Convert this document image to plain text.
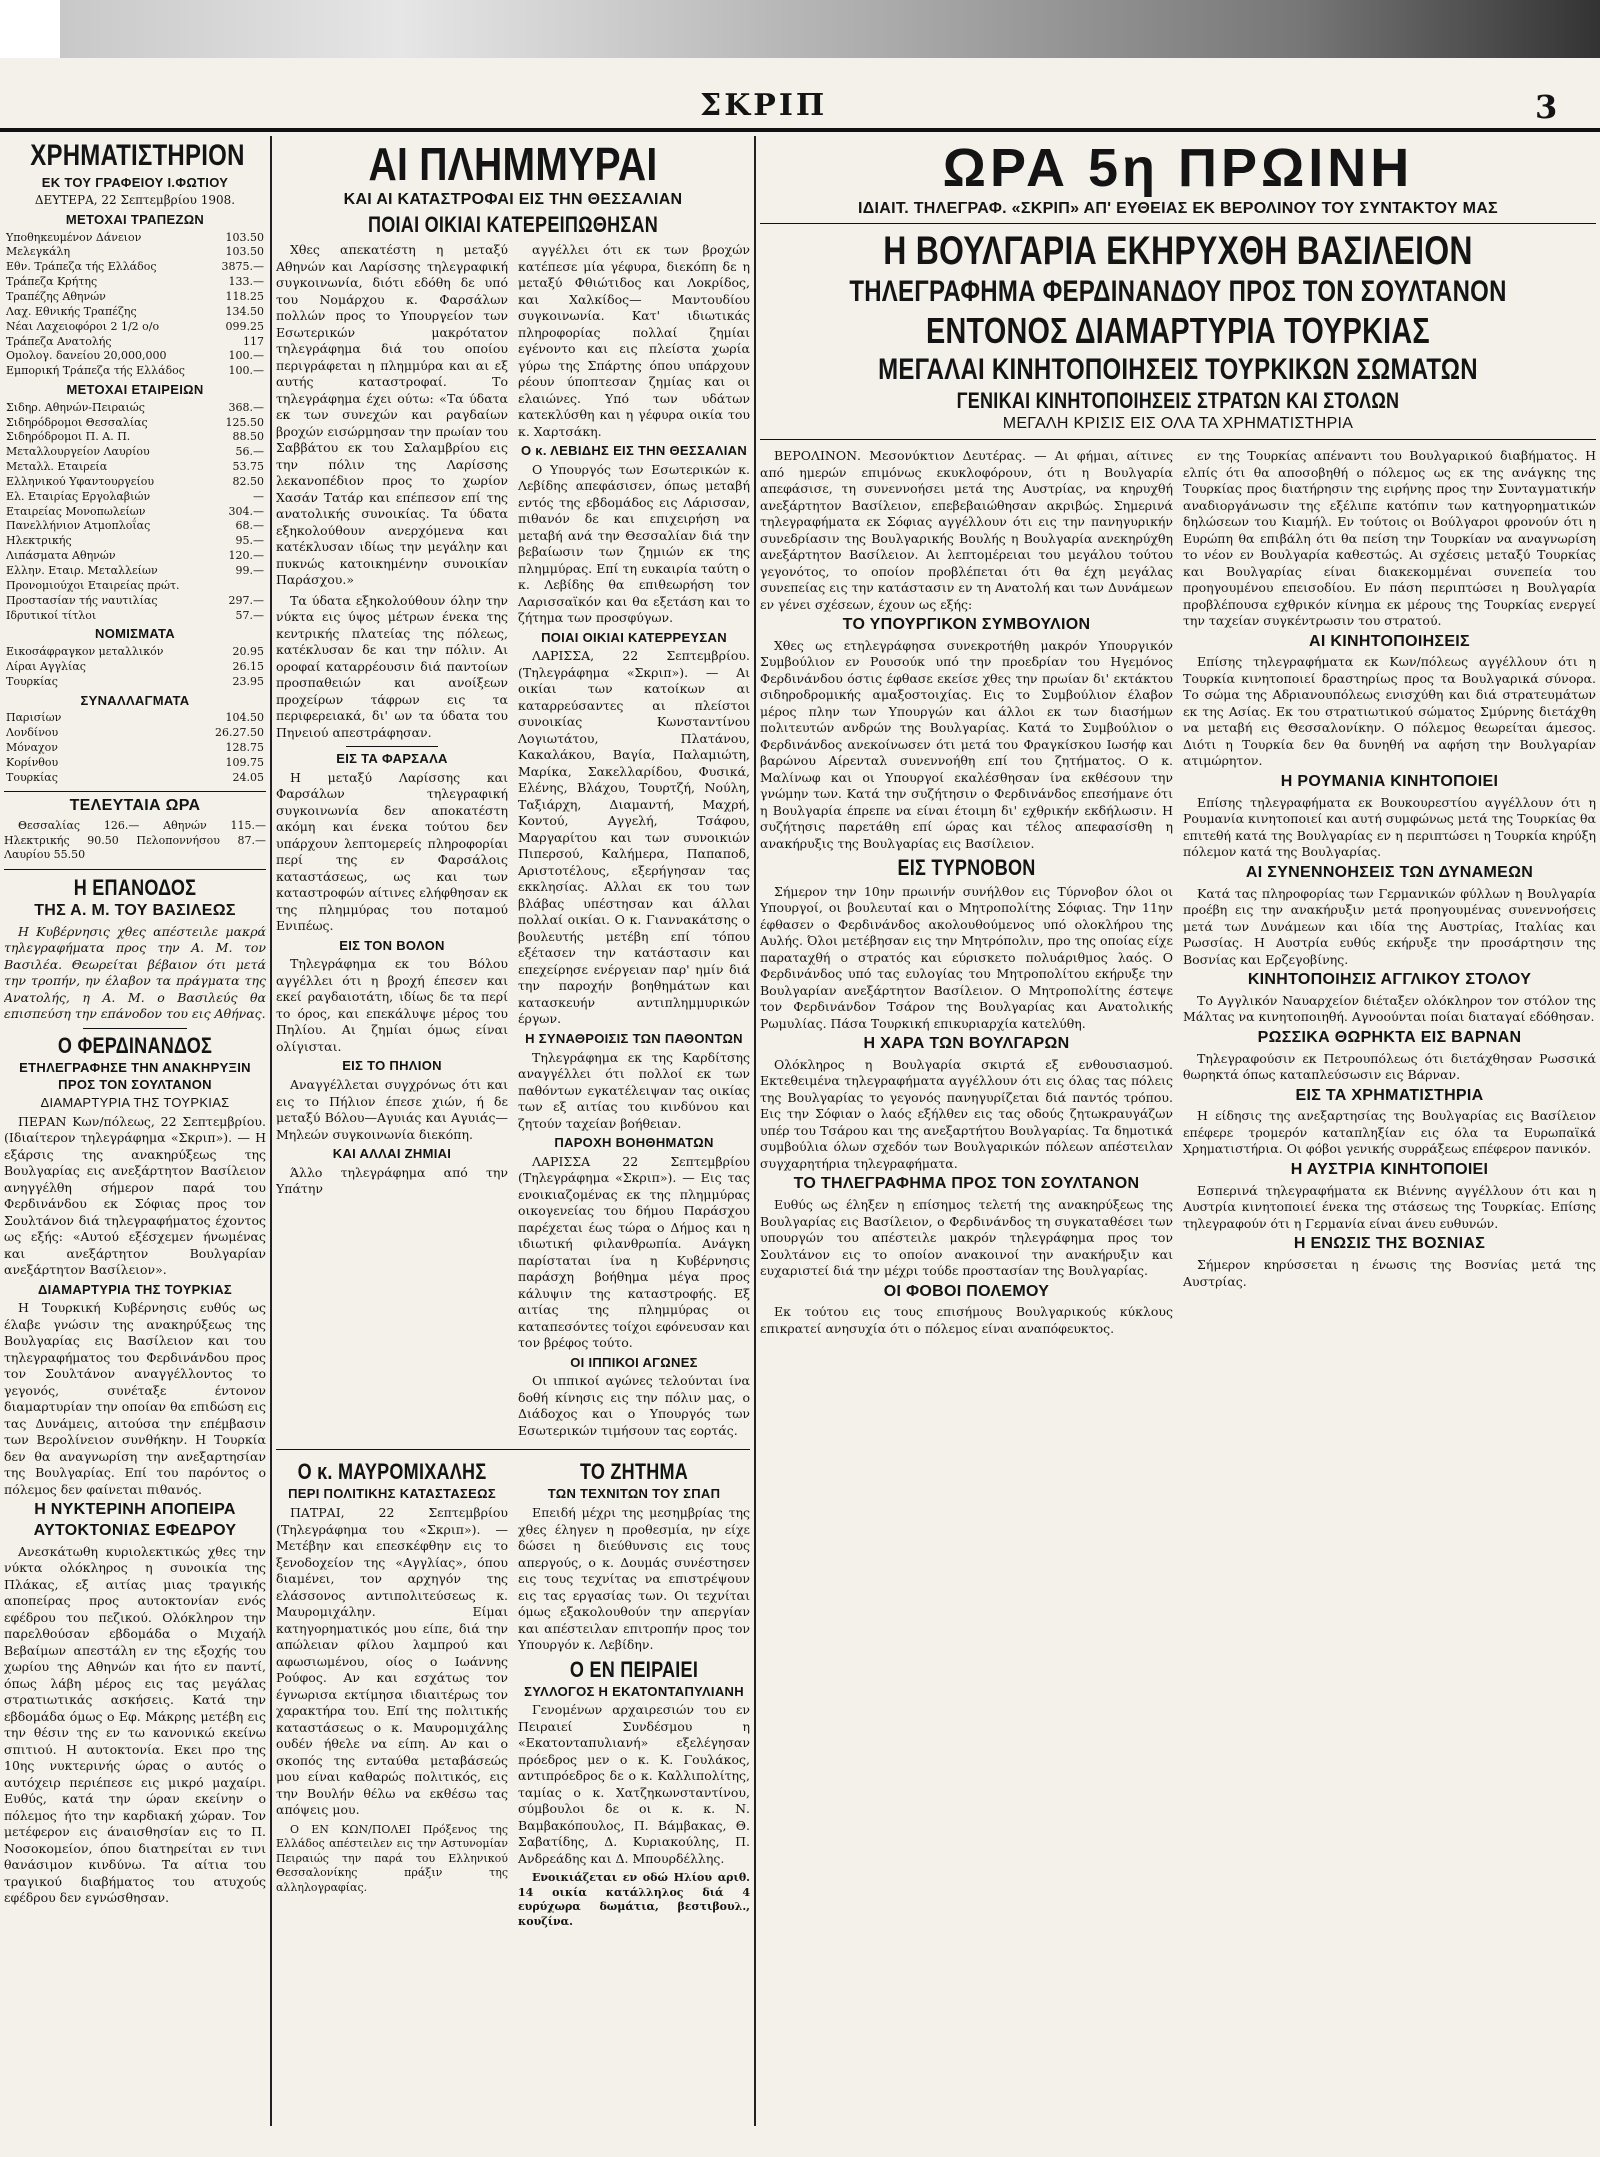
ΣΚΡΙΠ	3
ΧΡΗΜΑΤΙΣΤΗΡΙΟΝ
ΕΚ ΤΟΥ ΓΡΑΦΕΙΟΥ Ι.ΦΩΤΙΟΥ
ΔΕΥΤΕΡΑ, 22 Σεπτεμβρίου 1908.
ΜΕΤΟΧΑΙ ΤΡΑΠΕΖΩΝ
Υποθηκευμένον Δάνειον	103.50
Μελεγκάλη	103.50
Εθν. Τράπεζα τής Ελλάδος	3875.—
Τράπεζα Κρήτης	133.—
Τραπέζης Αθηνών	118.25
Λαχ. Εθνικής Τραπέζης	134.50
Νέαι Λαχειοφόροι 2 1/2 ο/ο	099.25
Τράπεζα Ανατολής	117
Ομολογ. δανείου 20,000,000	100.—
Εμπορική Τράπεζα τής Ελλάδος	100.—
ΜΕΤΟΧΑΙ ΕΤΑΙΡΕΙΩΝ
Σιδηρ. Αθηνών-Πειραιώς	368.—
Σιδηρόδρομοι Θεσσαλίας	125.50
Σιδηρόδρομοι Π. Α. Π.	88.50
Μεταλλουργείον Λαυρίου	56.—
Μεταλλ. Εταιρεία	53.75
Ελληνικού Υφαντουργείου	82.50
Ελ. Εταιρίας Εργολαβιών	—
Εταιρείας Μονοπωλείων	304.—
Πανελλήνιον Ατμοπλοΐας	68.—
Ηλεκτρικής	95.—
Λιπάσματα Αθηνών	120.—
Ελλην. Εταιρ. Μεταλλείων	99.—
Προνομιούχοι Εταιρείας πρώτ.	
Προστασίαν τής ναυτιλίας	297.—
Ιδρυτικοί τίτλοι	57.—
ΝΟΜΙΣΜΑΤΑ
Εικοσάφραγκον μεταλλικόν	20.95
Λίραι Αγγλίας	26.15
Τουρκίας	23.95
ΣΥΝΑΛΛΑΓΜΑΤΑ
Παρισίων	104.50
Λονδίνου	26.27.50
Μόναχον	128.75
Κορίνθου	109.75
Τουρκίας	24.05
ΤΕΛΕΥΤΑΙΑ ΩΡΑ

Θεσσαλίας 126.— Αθηνών 115.— Ηλεκτρικής 90.50 Πελοποννήσου 87.— Λαυρίου 55.50

Η ΕΠΑΝΟΔΟΣ
ΤΗΣ Α. Μ. ΤΟΥ ΒΑΣΙΛΕΩΣ

Η Κυβέρνησις χθες απέστειλε μακρά τηλεγραφήματα προς την Α. Μ. τον Βασιλέα. Θεωρείται βέβαιον ότι μετά την τροπήν, ην έλαβον τα πράγματα της Ανατολής, η Α. Μ. ο Βασιλεύς θα επισπεύση την επάνοδον του εις Αθήνας.

Ο ΦΕΡΔΙΝΑΝΔΟΣ
ΕΤΗΛΕΓΡΑΦΗΣΕ ΤΗΝ ΑΝΑΚΗΡΥΞΙΝ
ΠΡΟΣ ΤΟΝ ΣΟΥΛΤΑΝΟΝ
ΔΙΑΜΑΡΤΥΡΙΑ ΤΗΣ ΤΟΥΡΚΙΑΣ

ΠΕΡΑΝ Κων/πόλεως, 22 Σεπτεμβρίου. (Ιδιαίτερον τηλεγράφημα «Σκριπ»). — Η εξάρσις της ανακηρύξεως της Βουλγαρίας εις ανεξάρτητον Βασίλειον ανηγγέλθη σήμερον παρά του Φερδινάνδου εκ Σόφιας προς τον Σουλτάνον διά τηλεγραφήματος έχοντος ως εξής: «Αυτού εξέσχεμεν ήνωμένας και ανεξάρτητον Βουλγαρίαν ανεξάρτητον Βασίλειον».

ΔΙΑΜΑΡΤΥΡΙΑ ΤΗΣ ΤΟΥΡΚΙΑΣ

Η Τουρκική Κυβέρνησις ευθύς ως έλαβε γνώσιν της ανακηρύξεως της Βουλγαρίας εις Βασίλειον και του τηλεγραφήματος του Φερδινάνδου προς τον Σουλτάνον αναγγέλλοντος το γεγονός, συνέταξε έντονον διαμαρτυρίαν την οποίαν θα επιδώση εις τας Δυνάμεις, αιτούσα την επέμβασιν των Βερολίνειον συνθήκην. Η Τουρκία δεν θα αναγνωρίση την ανεξαρτησίαν της Βουλγαρίας. Επί του παρόντος ο πόλεμος δεν φαίνεται πιθανός.

Η ΝΥΚΤΕΡΙΝΗ ΑΠΟΠΕΙΡΑ
ΑΥΤΟΚΤΟΝΙΑΣ ΕΦΕΔΡΟΥ

Ανεσκάτωθη κυριολεκτικώς χθες την νύκτα ολόκληρος η συνοικία της Πλάκας, εξ αιτίας μιας τραγικής αποπείρας προς αυτοκτονίαν ενός εφέδρου του πεζικού. Ολόκληρον την παρελθούσαν εβδομάδα ο Μιχαήλ Βεβαίμων απεστάλη εν της εξοχής του χωρίου της Αθηνών και ήτο εν παντί, όπως λάβη μέρος εις τας μεγάλας στρατιωτικάς ασκήσεις. Κατά την εβδομάδα όμως ο Εφ. Μάκρης μετέβη εις την θέσιν της εν τω κανονικώ εκείνω σπιτιού. Η αυτοκτονία. Εκει προ της 10ης νυκτερινής ώρας ο αυτός ο αυτόχειρ περιέπεσε εις μικρό μαχαίρι. Ευθύς, κατά την ώραν εκείνην ο πόλεμος ήτο την καρδιακή χώραν. Τον μετέφερον εις άναισθησίαν εις το Π. Νοσοκομείον, όπου διατηρείται εν τινι θανάσιμον κινδύνω. Τα αίτια του τραγικού διαβήματος του ατυχούς εφέδρου δεν εγνώσθησαν.

ΑΙ ΠΛΗΜΜΥΡΑΙ
ΚΑΙ ΑΙ ΚΑΤΑΣΤΡΟΦΑΙ ΕΙΣ ΤΗΝ ΘΕΣΣΑΛΙΑΝ
ΠΟΙΑΙ ΟΙΚΙΑΙ ΚΑΤΕΡΕΙΠΩΘΗΣΑΝ

Χθες απεκατέστη η μεταξύ Αθηνών και Λαρίσσης τηλεγραφική συγκοινωνία, διότι εδόθη δε υπό του Νομάρχου κ. Φαρσάλων πολλών προς το Υπουργείον των Εσωτερικών μακρότατον τηλεγράφημα διά του οποίου περιγράφεται η πλημμύρα και αι εξ αυτής καταστροφαί. Το τηλεγράφημα έχει ούτω: «Τα ύδατα εκ των συνεχών και ραγδαίων βροχών εισώρμησαν την πρωίαν του Σαββάτου εκ του Σαλαμβρίου εις την πόλιν της Λαρίσσης λεκανοπέδιον προς το χωρίον Χασάν Τατάρ και επέπεσον επί της ανατολικής συνοικίας. Τα ύδατα εξηκολούθουν ανερχόμενα και κατέκλυσαν ιδίως την μεγάλην και πυκνώς κατοικημένην συνοικίαν Παράσχου.»

Τα ύδατα εξηκολούθουν όλην την νύκτα εις ύψος μέτρων ένεκα της κεντρικής πλατείας της πόλεως, κατέκλυσαν δε και την πόλιν. Αι οροφαί καταρρέουσιν διά παντοίων προσπαθειών και ανοίξεων προχείρων τάφρων εις τα περιφερειακά, δι' ων τα ύδατα του Πηνειού απεστράφησαν.

ΕΙΣ ΤΑ ΦΑΡΣΑΛΑ

Η μεταξύ Λαρίσσης και Φαρσάλων τηλεγραφική συγκοινωνία δεν αποκατέστη ακόμη και ένεκα τούτου δεν υπάρχουν λεπτομερείς πληροφορίαι περί της εν Φαρσάλοις καταστάσεως, ως και των καταστροφών αίτινες ελήφθησαν εκ της πλημμύρας του ποταμού Ενιπέως.

ΕΙΣ ΤΟΝ ΒΟΛΟΝ

Τηλεγράφημα εκ του Βόλου αγγέλλει ότι η βροχή έπεσεν και εκεί ραγδαιοτάτη, ιδίως δε τα περί το όρος, και επεκάλυψε μέρος του Πηλίου. Αι ζημίαι όμως είναι ολίγισται.

ΕΙΣ ΤΟ ΠΗΛΙΟΝ

Αναγγέλλεται συγχρόνως ότι και εις το Πήλιον έπεσε χιών, ή δε μεταξύ Βόλου—Αγυιάς και Αγυιάς—Μηλεών συγκοινωνία διεκόπη.

ΚΑΙ ΑΛΛΑΙ ΖΗΜΙΑΙ

Άλλο τηλεγράφημα από την Υπάτην

αγγέλλει ότι εκ των βροχών κατέπεσε μία γέφυρα, διεκόπη δε η μεταξύ Φθιώτιδος και Λοκρίδος, και Χαλκίδος— Μαντουδίου συγκοινωνία. Κατ' ιδιωτικάς πληροφορίας πολλαί ζημίαι εγένοντο και εις πλείστα χωρία γύρω της Σπάρτης όπου υπάρχουν ρέουν ύποπτεσαν ζημίας και οι ελαιώνες. Υπό των υδάτων κατεκλύσθη και η γέφυρα οικία του κ. Χαρτσάκη.

Ο κ. ΛΕΒΙΔΗΣ ΕΙΣ ΤΗΝ ΘΕΣΣΑΛΙΑΝ

Ο Υπουργός των Εσωτερικών κ. Λεβίδης απεφάσισεν, όπως μεταβή εντός της εβδομάδος εις Λάρισσαν, πιθανόν δε και επιχειρήση να μεταβή ανά την Θεσσαλίαν διά την βεβαίωσιν των ζημιών εκ της πλημμύρας. Επί τη ευκαιρία ταύτη ο κ. Λεβίδης θα επιθεωρήση τον Λαρισσαϊκόν και θα εξετάση και το ζήτημα των προσφύγων.

ΠΟΙΑΙ ΟΙΚΙΑΙ ΚΑΤΕΡΡΕΥΣΑΝ

ΛΑΡΙΣΣΑ, 22 Σεπτεμβρίου. (Τηλεγράφημα «Σκριπ»). — Αι οικίαι των κατοίκων αι καταρρεύσαντες αι πλείστοι συνοικίας Κωνσταντίνου Λογιωτάτου, Πλατάνου, Κακαλάκου, Βαγία, Παλαμιώτη, Μαρίκα, Σακελλαρίδου, Φυσικά, Ελένης, Βλάχου, Τουρτζή, Νούλη, Ταξιάρχη, Διαμαντή, Μαχρή, Κοντού, Αγγελή, Τσάφου, Μαργαρίτου και των συνοικιών Πιπερσού, Καλήμερα, Παπαποδ, Αριστοτέλους, εξερήγησαν τας εκκλησίας. Αλλαι εκ του των βλάβας υπέστησαν και άλλαι πολλαί οικίαι. Ο κ. Γιαννακάτσης ο βουλευτής μετέβη επί τόπου εξέτασεν την κατάστασιν και επεχείρησε ενέργειαν παρ' ημίν διά την παροχήν βοηθημάτων και κατασκευήν αντιπλημμυρικών έργων.

Η ΣΥΝΑΘΡΟΙΣΙΣ ΤΩΝ ΠΑΘΟΝΤΩΝ

Τηλεγράφημα εκ της Καρδίτσης αναγγέλλει ότι πολλοί εκ των παθόντων εγκατέλειψαν τας οικίας των εξ αιτίας του κινδύνου και ζητούν ταχείαν βοήθειαν.

ΠΑΡΟΧΗ ΒΟΗΘΗΜΑΤΩΝ

ΛΑΡΙΣΣΑ 22 Σεπτεμβρίου (Τηλεγράφημα «Σκριπ»). — Εις τας ενοικιαζομένας εκ της πλημμύρας οικογενείας του δήμου Παράσχου παρέχεται έως τώρα ο Δήμος και η ιδιωτική φιλανθρωπία. Ανάγκη παρίσταται ίνα η Κυβέρνησις παράσχη βοήθημα μέγα προς κάλυψιν της καταστροφής. Εξ αιτίας της πλημμύρας οι καταπεσόντες τοίχοι εφόνευσαν και τον βρέφος τούτο.

ΟΙ ΙΠΠΙΚΟΙ ΑΓΩΝΕΣ

Οι ιππικοί αγώνες τελούνται ίνα δοθή κίνησις εις την πόλιν μας, ο Διάδοχος και ο Υπουργός των Εσωτερικών τιμήσουν τας εορτάς.

Ο κ. ΜΑΥΡΟΜΙΧΑΛΗΣ
ΠΕΡΙ ΠΟΛΙΤΙΚΗΣ ΚΑΤΑΣΤΑΣΕΩΣ

ΠΑΤΡΑΙ, 22 Σεπτεμβρίου (Τηλεγράφημα του «Σκριπ»). — Μετέβην και επεσκέφθην εις το ξενοδοχείον της «Αγγλίας», όπου διαμένει, τον αρχηγόν της ελάσσονος αντιπολιτεύσεως κ. Μαυρομιχάλην. Είμαι κατηγορηματικός μου είπε, διά την απώλειαν φίλου λαμπρού και αφωσιωμένου, οίος ο Ιωάννης Ρούφος. Αν και εσχάτως τον έγνωρισα εκτίμησα ιδιαιτέρως τον χαρακτήρα του. Επί της πολιτικής καταστάσεως ο κ. Μαυρομιχάλης ουδέν ήθελε να είπη. Αν και ο σκοπός της ενταύθα μεταβάσεώς μου είναι καθαρώς πολιτικός, εις την Βουλήν θέλω να εκθέσω τας απόψεις μου.

Ο ΕΝ ΚΩΝ/ΠΟΛΕΙ Πρόξενος της Ελλάδος απέστειλεν εις την Αστυνομίαν Πειραιώς την παρά του Ελληνικού Θεσσαλονίκης πράξιν της αλληλογραφίας.

ΤΟ ΖΗΤΗΜΑ
ΤΩΝ ΤΕΧΝΙΤΩΝ ΤΟΥ ΣΠΑΠ

Επειδή μέχρι της μεσημβρίας της χθες έληγεν η προθεσμία, ην είχε δώσει η διεύθυνσις εις τους απεργούς, ο κ. Δουμάς συνέστησεν εις τους τεχνίτας να επιστρέψουν εις τας εργασίας των. Οι τεχνίται όμως εξακολουθούν την απεργίαν και απέστειλαν επιτροπήν προς τον Υπουργόν κ. Λεβίδην.

Ο ΕΝ ΠΕΙΡΑΙΕΙ
ΣΥΛΛΟΓΟΣ Η ΕΚΑΤΟΝΤΑΠΥΛΙΑΝΗ

Γενομένων αρχαιρεσιών του εν Πειραιεί Συνδέσμου η «Εκατονταπυλιανή» εξελέγησαν πρόεδρος μεν ο κ. Κ. Γουλάκος, αντιπρόεδρος δε ο κ. Καλλιπολίτης, ταμίας ο κ. Χατζηκωνσταντίνου, σύμβουλοι δε οι κ. κ. Ν. Βαμβακόπουλος, Π. Βάμβακας, Θ. Σαβατίδης, Δ. Κυριακούλης, Π. Ανδρεάδης και Δ. Μπουρδέλλης.

Ενοικιάζεται εν οδώ Ηλίου αριθ. 14 οικία κατάλληλος διά 4 ευρύχωρα δωμάτια, βεστιβουλ., κουζίνα.

ΩΡΑ 5η ΠΡΩΙΝΗ
ΙΔΙΑΙΤ. ΤΗΛΕΓΡΑΦ. «ΣΚΡΙΠ» ΑΠ' ΕΥΘΕΙΑΣ ΕΚ ΒΕΡΟΛΙΝΟΥ ΤΟΥ ΣΥΝΤΑΚΤΟΥ ΜΑΣ
Η ΒΟΥΛΓΑΡΙΑ ΕΚΗΡΥΧΘΗ ΒΑΣΙΛΕΙΟΝ
ΤΗΛΕΓΡΑΦΗΜΑ ΦΕΡΔΙΝΑΝΔΟΥ ΠΡΟΣ ΤΟΝ ΣΟΥΛΤΑΝΟΝ
ΕΝΤΟΝΟΣ ΔΙΑΜΑΡΤΥΡΙΑ ΤΟΥΡΚΙΑΣ
ΜΕΓΑΛΑΙ ΚΙΝΗΤΟΠΟΙΗΣΕΙΣ ΤΟΥΡΚΙΚΩΝ ΣΩΜΑΤΩΝ
ΓΕΝΙΚΑΙ ΚΙΝΗΤΟΠΟΙΗΣΕΙΣ ΣΤΡΑΤΩΝ ΚΑΙ ΣΤΟΛΩΝ
ΜΕΓΑΛΗ ΚΡΙΣΙΣ ΕΙΣ ΟΛΑ ΤΑ ΧΡΗΜΑΤΙΣΤΗΡΙΑ

ΒΕΡΟΛΙΝΟΝ. Μεσονύκτιον Δευτέρας. — Αι φήμαι, αίτινες από ημερών επιμόνως εκυκλοφόρουν, ότι η Βουλγαρία απεφάσισε, τη συνεννοήσει μετά της Αυστρίας, να κηρυχθή ανεξάρτητον Βασίλειον, επεβεβαιώθησαν ακριβώς. Σημερινά τηλεγραφήματα εκ Σόφιας αγγέλλουν ότι εις την πανηγυρικήν συνεδρίασιν της Βουλγαρικής Βουλής η Βουλγαρία ανεκηρύχθη ανεξάρτητον Βασίλειον. Αι λεπτομέρειαι του μεγάλου τούτου γεγονότος, το οποίον προβλέπεται ότι θα έχη μεγάλας συνεπείας εις την κατάστασιν εν τη Ανατολή και των Δυνάμεων εν γένει σχέσεων, έχουν ως εξής:

ΤΟ ΥΠΟΥΡΓΙΚΟΝ ΣΥΜΒΟΥΛΙΟΝ

Χθες ως ετηλεγράφησα συνεκροτήθη μακρόν Υπουργικόν Συμβούλιον εν Ρουσούκ υπό την προεδρίαν του Ηγεμόνος Φερδινάνδου όστις έφθασε εκείσε χθες την πρωίαν δι' εκτάκτου σιδηροδρομικής αμαξοστοιχίας. Εις το Συμβούλιον έλαβον μέρος πλην των Υπουργών και άλλοι εκ των διασήμων πολιτευτών ανδρών της Βουλγαρίας. Κατά το Συμβούλιον ο Φερδινάνδος ανεκοίνωσεν ότι μετά του Φραγκίσκου Ιωσήφ και βαρώνου Αίρενταλ συνεννοήθη επί του ζητήματος. Ο κ. Μαλίνωφ και οι Υπουργοί εκαλέσθησαν ίνα εκθέσουν την γνώμην των. Κατά την συζήτησιν ο Φερδινάνδος επεσήμανε ότι η Βουλγαρία έπρεπε να είναι έτοιμη δι' εχθρικήν εκδήλωσιν. Η συζήτησις παρετάθη επί ώρας και τέλος απεφασίσθη η ανακήρυξις της Βουλγαρίας εις Βασίλειον.

ΕΙΣ ΤΥΡΝΟΒΟΝ

Σήμερον την 10ην πρωινήν συνήλθον εις Τύρνοβον όλοι οι Υπουργοί, οι βουλευταί και ο Μητροπολίτης Σόφιας. Την 11ην έφθασεν ο Φερδινάνδος ακολουθούμενος υπό ολοκλήρου της Αυλής. Όλοι μετέβησαν εις την Μητρόπολιν, προ της οποίας είχε παραταχθή ο στρατός και εύρισκετο πολυάριθμος λαός. Ο Φερδινάνδος υπό τας ευλογίας του Μητροπολίτου εκήρυξε την Βουλγαρίαν ανεξάρτητον Βασίλειον. Ο Μητροπολίτης έστεψε τον Φερδινάνδον Τσάρον της Βουλγαρίας και Ανατολικής Ρωμυλίας. Πάσα Τουρκική επικυριαρχία κατελύθη.

Η ΧΑΡΑ ΤΩΝ ΒΟΥΛΓΑΡΩΝ

Ολόκληρος η Βουλγαρία σκιρτά εξ ενθουσιασμού. Εκτεθειμένα τηλεγραφήματα αγγέλλουν ότι εις όλας τας πόλεις της Βουλγαρίας το γεγονός πανηγυρίζεται διά παντός τρόπου. Εις την Σόφιαν ο λαός εξήλθεν εις τας οδούς ζητωκραυγάζων υπέρ του Τσάρου και της ανεξαρτήτου Βουλγαρίας. Τα δημοτικά συμβούλια όλων σχεδόν των Βουλγαρικών πόλεων απέστειλαν συγχαρητήρια τηλεγραφήματα.

ΤΟ ΤΗΛΕΓΡΑΦΗΜΑ ΠΡΟΣ ΤΟΝ ΣΟΥΛΤΑΝΟΝ

Ευθύς ως έληξεν η επίσημος τελετή της ανακηρύξεως της Βουλγαρίας εις Βασίλειον, ο Φερδινάνδος τη συγκαταθέσει των υπουργών του απέστειλε μακρόν τηλεγράφημα προς τον Σουλτάνον εις το οποίον ανακοινοί την ανακήρυξιν και ευχαριστεί διά την μέχρι τούδε προστασίαν της Βουλγαρίας.

ΟΙ ΦΟΒΟΙ ΠΟΛΕΜΟΥ

Εκ τούτου εις τους επισήμους Βουλγαρικούς κύκλους επικρατεί ανησυχία ότι ο πόλεμος είναι αναπόφευκτος.

εν της Τουρκίας απέναντι του Βουλγαρικού διαβήματος. Η ελπίς ότι θα αποσοβηθή ο πόλεμος ως εκ της ανάγκης της Τουρκίας προς διατήρησιν της ειρήνης προς την Συνταγματικήν αναδιοργάνωσιν της εξέλιπε κατόπιν των κατηγορηματικών δηλώσεων του Κιαμήλ. Εν τούτοις οι Βούλγαροι φρονούν ότι η Ευρώπη θα επιβάλη ότι θα πείση την Τουρκίαν να αναγνωρίση το νέον εν Βουλγαρία καθεστώς. Αι σχέσεις μεταξύ Τουρκίας και Βουλγαρίας είναι διακεκομμέναι συνεπεία του προηγουμένου επεισοδίου. Εν πάση περιπτώσει η Βουλγαρία προβλέπουσα εχθρικόν κίνημα εκ μέρους της Τουρκίας ενεργεί την ταχείαν συγκέντρωσιν του στρατού.

ΑΙ ΚΙΝΗΤΟΠΟΙΗΣΕΙΣ

Επίσης τηλεγραφήματα εκ Κων/πόλεως αγγέλλουν ότι η Τουρκία κινητοποιεί δραστηρίως προς τα Βουλγαρικά σύνορα. Το σώμα της Αδριανουπόλεως ενισχύθη και διά στρατευμάτων εκ της Ασίας. Εκ του στρατιωτικού σώματος Σμύρνης διετάχθη να μεταβή εις Θεσσαλονίκην. Ο πόλεμος θεωρείται άμεσος. Διότι η Τουρκία δεν θα δυνηθή να αφήση την Βουλγαρίαν ατιμώρητον.

Η ΡΟΥΜΑΝΙΑ ΚΙΝΗΤΟΠΟΙΕΙ

Επίσης τηλεγραφήματα εκ Βουκουρεστίου αγγέλλουν ότι η Ρουμανία κινητοποιεί και αυτή συμφώνως μετά της Τουρκίας θα επιτεθή κατά της Βουλγαρίας εν η περιπτώσει η Τουρκία κηρύξη πόλεμον κατά της Βουλγαρίας.

ΑΙ ΣΥΝΕΝΝΟΗΣΕΙΣ ΤΩΝ ΔΥΝΑΜΕΩΝ

Κατά τας πληροφορίας των Γερμανικών φύλλων η Βουλγαρία προέβη εις την ανακήρυξιν μετά προηγουμένας συνεννοήσεις μετά των Δυνάμεων και ιδία της Αυστρίας, Ιταλίας και Ρωσσίας. Η Αυστρία ευθύς εκήρυξε την προσάρτησιν της Βοσνίας και Ερζεγοβίνης.

ΚΙΝΗΤΟΠΟΙΗΣΙΣ ΑΓΓΛΙΚΟΥ ΣΤΟΛΟΥ

Το Αγγλικόν Ναυαρχείον διέταξεν ολόκληρον τον στόλον της Μάλτας να κινητοποιηθή. Αγνοούνται ποίαι διαταγαί εδόθησαν.

ΡΩΣΣΙΚΑ ΘΩΡΗΚΤΑ ΕΙΣ ΒΑΡΝΑΝ

Τηλεγραφούσιν εκ Πετρουπόλεως ότι διετάχθησαν Ρωσσικά θωρηκτά όπως καταπλεύσωσιν εις Βάρναν.

ΕΙΣ ΤΑ ΧΡΗΜΑΤΙΣΤΗΡΙΑ

Η είδησις της ανεξαρτησίας της Βουλγαρίας εις Βασίλειον επέφερε τρομερόν καταπληξίαν εις όλα τα Ευρωπαϊκά Χρηματιστήρια. Οι φόβοι γενικής συρράξεως επέφερον πανικόν.

Η ΑΥΣΤΡΙΑ ΚΙΝΗΤΟΠΟΙΕΙ

Εσπερινά τηλεγραφήματα εκ Βιέννης αγγέλλουν ότι και η Αυστρία κινητοποιεί ένεκα της στάσεως της Τουρκίας. Επίσης τηλεγραφούν ότι η Γερμανία είναι άνευ ευθυνών.

Η ΕΝΩΣΙΣ ΤΗΣ ΒΟΣΝΙΑΣ

Σήμερον κηρύσσεται η ένωσις της Βοσνίας μετά της Αυστρίας.
